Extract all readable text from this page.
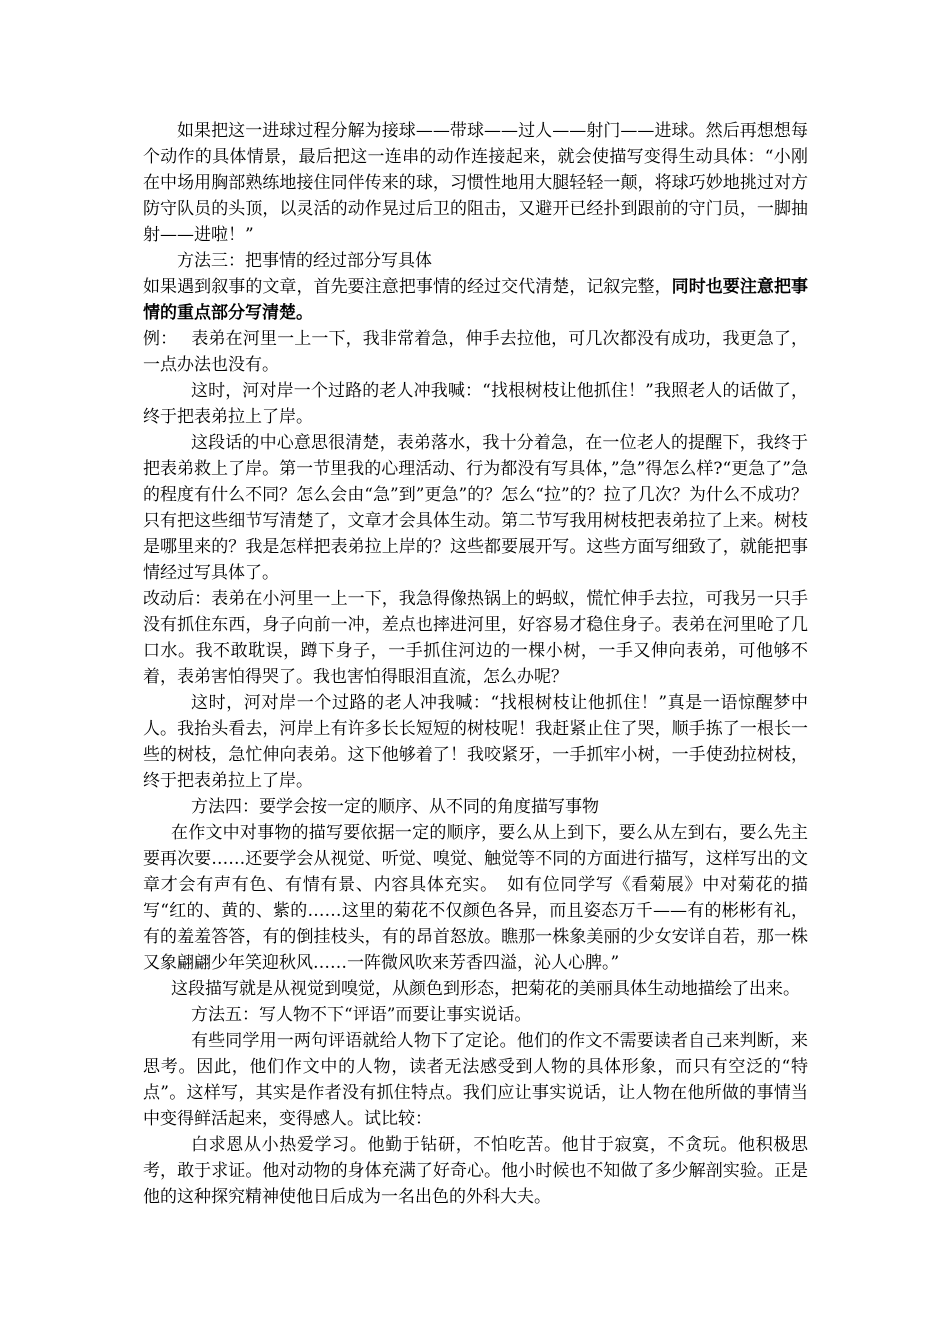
如果把这一进球过程分解为接球——带球——过人——射门——进球。然后再想想每个动作的具体情景，最后把这一连串的动作连接起来，就会使描写变得生动具体：“小刚在中场用胸部熟练地接住同伴传来的球，习惯性地用大腿轻轻一颠，将球巧妙地挑过对方防守队员的头顶，以灵活的动作晃过后卫的阻击，又避开已经扑到跟前的守门员，一脚抽射——进啦！”

方法三：把事情的经过部分写具体

如果遇到叙事的文章，首先要注意把事情的经过交代清楚，记叙完整，同时也要注意把事情的重点部分写清楚。

例：　 表弟在河里一上一下，我非常着急，伸手去拉他，可几次都没有成功，我更急了，一点办法也没有。

这时，河对岸一个过路的老人冲我喊：“找根树枝让他抓住！”我照老人的话做了，终于把表弟拉上了岸。

这段话的中心意思很清楚，表弟落水，我十分着急，在一位老人的提醒下，我终于把表弟救上了岸。第一节里我的心理活动、行为都没有写具体，”急”得怎么样?“更急了”急的程度有什么不同？怎么会由“急”到”更急”的？怎么“拉”的？拉了几次？为什么不成功？只有把这些细节写清楚了，文章才会具体生动。第二节写我用树枝把表弟拉了上来。树枝是哪里来的？我是怎样把表弟拉上岸的？这些都要展开写。这些方面写细致了，就能把事情经过写具体了。

改动后：表弟在小河里一上一下，我急得像热锅上的蚂蚁，慌忙伸手去拉，可我另一只手没有抓住东西，身子向前一冲，差点也摔进河里，好容易才稳住身子。表弟在河里呛了几口水。我不敢耽误，蹲下身子，一手抓住河边的一棵小树，一手又伸向表弟，可他够不着，表弟害怕得哭了。我也害怕得眼泪直流，怎么办呢？

这时，河对岸一个过路的老人冲我喊：“找根树枝让他抓住！”真是一语惊醒梦中人。我抬头看去，河岸上有许多长长短短的树枝呢！我赶紧止住了哭，顺手拣了一根长一些的树枝，急忙伸向表弟。这下他够着了！我咬紧牙，一手抓牢小树，一手使劲拉树枝，终于把表弟拉上了岸。

方法四：要学会按一定的顺序、从不同的角度描写事物

在作文中对事物的描写要依据一定的顺序，要么从上到下，要么从左到右，要么先主要再次要……还要学会从视觉、听觉、嗅觉、触觉等不同的方面进行描写，这样写出的文章才会有声有色、有情有景、内容具体充实。　如有位同学写《看菊展》中对菊花的描写“红的、黄的、紫的……这里的菊花不仅颜色各异，而且姿态万千——有的彬彬有礼，有的羞羞答答，有的倒挂枝头，有的昂首怒放。瞧那一株象美丽的少女安详自若，那一株又象翩翩少年笑迎秋风……一阵微风吹来芳香四溢，沁人心脾。”

这段描写就是从视觉到嗅觉，从颜色到形态，把菊花的美丽具体生动地描绘了出来。

方法五：写人物不下“评语”而要让事实说话。

有些同学用一两句评语就给人物下了定论。他们的作文不需要读者自己来判断，来思考。因此，他们作文中的人物，读者无法感受到人物的具体形象，而只有空泛的“特点”。这样写，其实是作者没有抓住特点。我们应让事实说话，让人物在他所做的事情当中变得鲜活起来，变得感人。试比较：

白求恩从小热爱学习。他勤于钻研，不怕吃苦。他甘于寂寞，不贪玩。他积极思考，敢于求证。他对动物的身体充满了好奇心。他小时候也不知做了多少解剖实验。正是他的这种探究精神使他日后成为一名出色的外科大夫。
